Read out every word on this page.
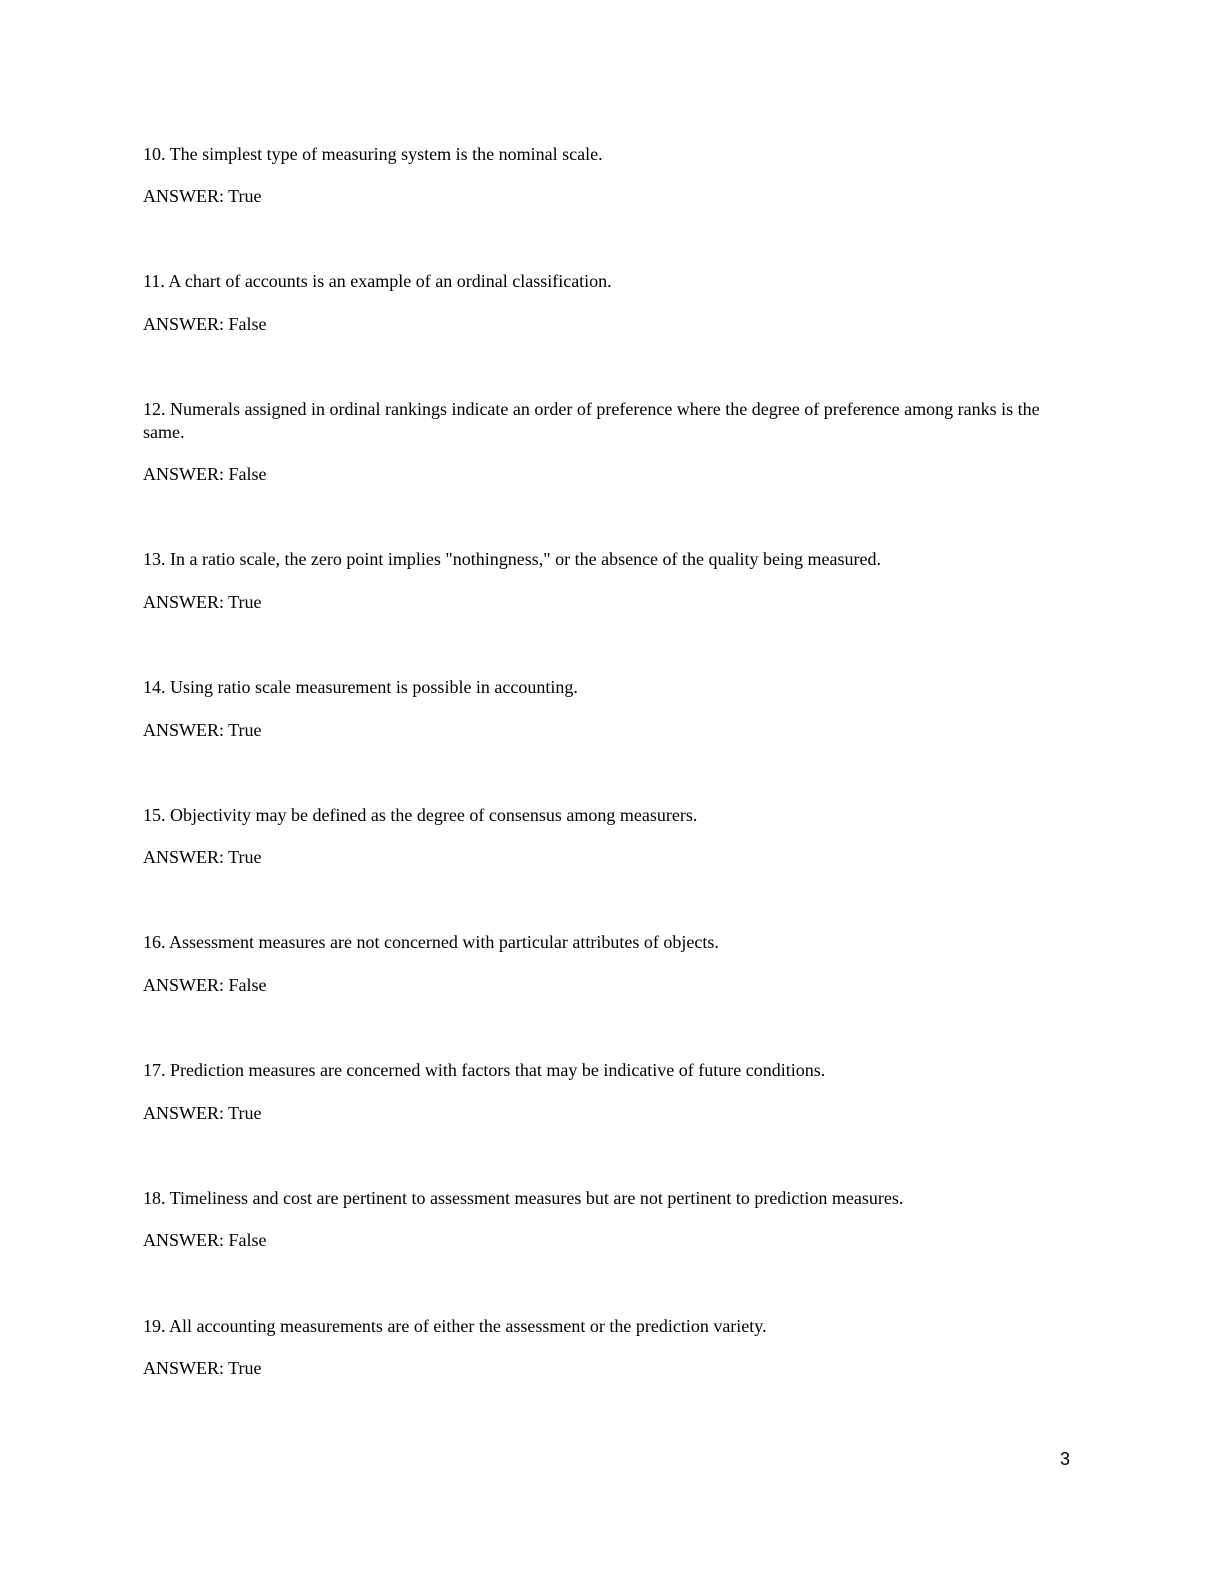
10. The simplest type of measuring system is the nominal scale.

ANSWER: True

11. A chart of accounts is an example of an ordinal classification.

ANSWER: False

12. Numerals assigned in ordinal rankings indicate an order of preference where the degree of preference among ranks is the same.

ANSWER: False

13. In a ratio scale, the zero point implies "nothingness," or the absence of the quality being measured.

ANSWER: True

14. Using ratio scale measurement is possible in accounting.

ANSWER: True

15. Objectivity may be defined as the degree of consensus among measurers.

ANSWER: True

16. Assessment measures are not concerned with particular attributes of objects.

ANSWER: False

17. Prediction measures are concerned with factors that may be indicative of future conditions.

ANSWER: True

18. Timeliness and cost are pertinent to assessment measures but are not pertinent to prediction measures.

ANSWER: False

19. All accounting measurements are of either the assessment or the prediction variety.

ANSWER: True

3
